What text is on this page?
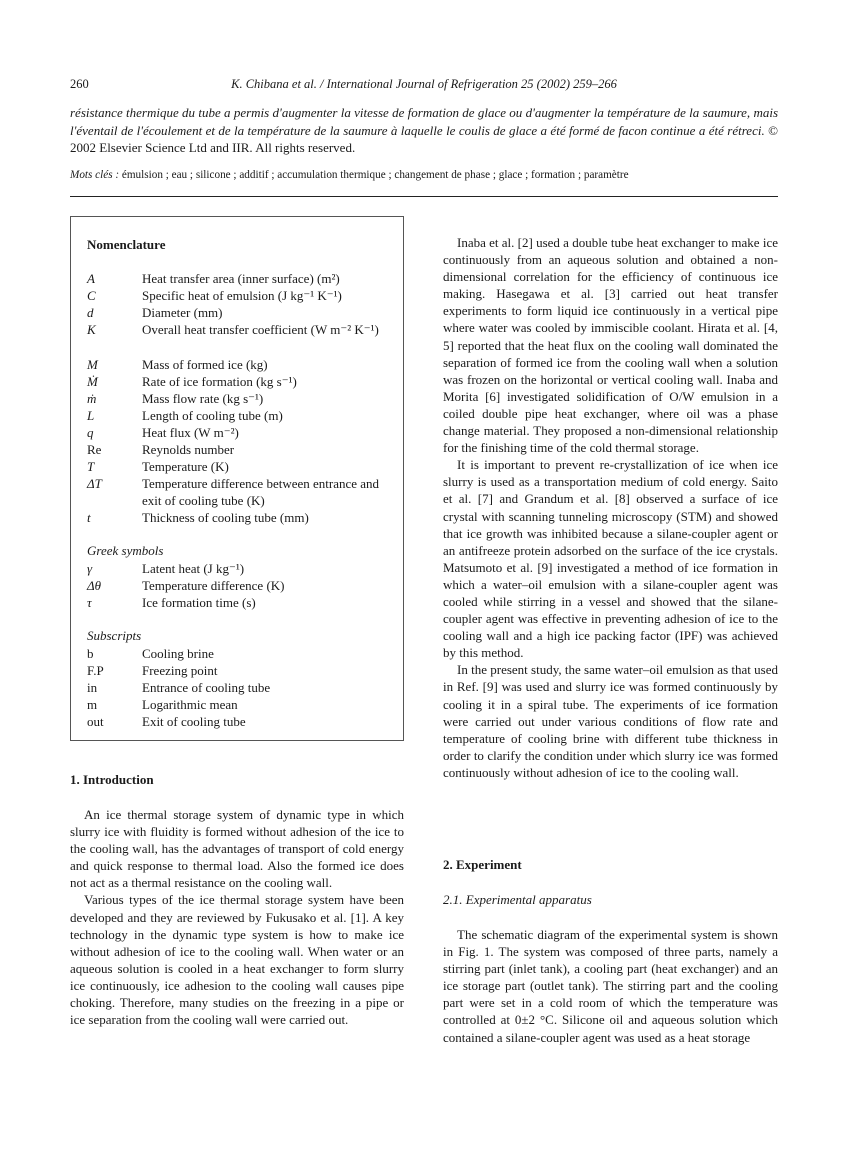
260	K. Chibana et al. / International Journal of Refrigeration 25 (2002) 259–266
résistance thermique du tube a permis d'augmenter la vitesse de formation de glace ou d'augmenter la température de la saumure, mais l'éventail de l'écoulement et de la température de la saumure à laquelle le coulis de glace a été formé de facon continue a été rétreci. © 2002 Elsevier Science Ltd and IIR. All rights reserved.
Mots clés : émulsion ; eau ; silicone ; additif ; accumulation thermique ; changement de phase ; glace ; formation ; paramètre
Nomenclature
A	Heat transfer area (inner surface) (m²)
C	Specific heat of emulsion (J kg⁻¹ K⁻¹)
d	Diameter (mm)
K	Overall heat transfer coefficient (W m⁻² K⁻¹)
M	Mass of formed ice (kg)
Ṁ	Rate of ice formation (kg s⁻¹)
ṁ	Mass flow rate (kg s⁻¹)
L	Length of cooling tube (m)
q	Heat flux (W m⁻²)
Re	Reynolds number
T	Temperature (K)
ΔT	Temperature difference between entrance and exit of cooling tube (K)
t	Thickness of cooling tube (mm)
Greek symbols
γ	Latent heat (J kg⁻¹)
Δθ	Temperature difference (K)
τ	Ice formation time (s)
Subscripts
b	Cooling brine
F.P	Freezing point
in	Entrance of cooling tube
m	Logarithmic mean
out	Exit of cooling tube
1. Introduction

An ice thermal storage system of dynamic type in which slurry ice with fluidity is formed without adhesion of the ice to the cooling wall, has the advantages of transport of cold energy and quick response to thermal load. Also the formed ice does not act as a thermal resistance on the cooling wall.

Various types of the ice thermal storage system have been developed and they are reviewed by Fukusako et al. [1]. A key technology in the dynamic type system is how to make ice without adhesion of ice to the cooling wall. When water or an aqueous solution is cooled in a heat exchanger to form slurry ice continuously, ice adhesion to the cooling wall causes pipe choking. Therefore, many studies on the freezing in a pipe or ice separation from the cooling wall were carried out.

Inaba et al. [2] used a double tube heat exchanger to make ice continuously from an aqueous solution and obtained a non-dimensional correlation for the efficiency of continuous ice making. Hasegawa et al. [3] carried out heat transfer experiments to form liquid ice continuously in a vertical pipe where water was cooled by immiscible coolant. Hirata et al. [4, 5] reported that the heat flux on the cooling wall dominated the separation of formed ice from the cooling wall when a solution was frozen on the horizontal or vertical cooling wall. Inaba and Morita [6] investigated solidification of O/W emulsion in a coiled double pipe heat exchanger, where oil was a phase change material. They proposed a non-dimensional relationship for the finishing time of the cold thermal storage.

It is important to prevent re-crystallization of ice when ice slurry is used as a transportation medium of cold energy. Saito et al. [7] and Grandum et al. [8] observed a surface of ice crystal with scanning tunneling microscopy (STM) and showed that ice growth was inhibited because a silane-coupler agent or an antifreeze protein adsorbed on the surface of the ice crystals. Matsumoto et al. [9] investigated a method of ice formation in which a water–oil emulsion with a silane-coupler agent was cooled while stirring in a vessel and showed that the silane-coupler agent was effective in preventing adhesion of ice to the cooling wall and a high ice packing factor (IPF) was achieved by this method.

In the present study, the same water–oil emulsion as that used in Ref. [9] was used and slurry ice was formed continuously by cooling it in a spiral tube. The experiments of ice formation were carried out under various conditions of flow rate and temperature of cooling brine with different tube thickness in order to clarify the condition under which slurry ice was formed continuously without adhesion of ice to the cooling wall.

2. Experiment
2.1. Experimental apparatus

The schematic diagram of the experimental system is shown in Fig. 1. The system was composed of three parts, namely a stirring part (inlet tank), a cooling part (heat exchanger) and an ice storage part (outlet tank). The stirring part and the cooling part were set in a cold room of which the temperature was controlled at 0±2 °C. Silicone oil and aqueous solution which contained a silane-coupler agent was used as a heat storage
